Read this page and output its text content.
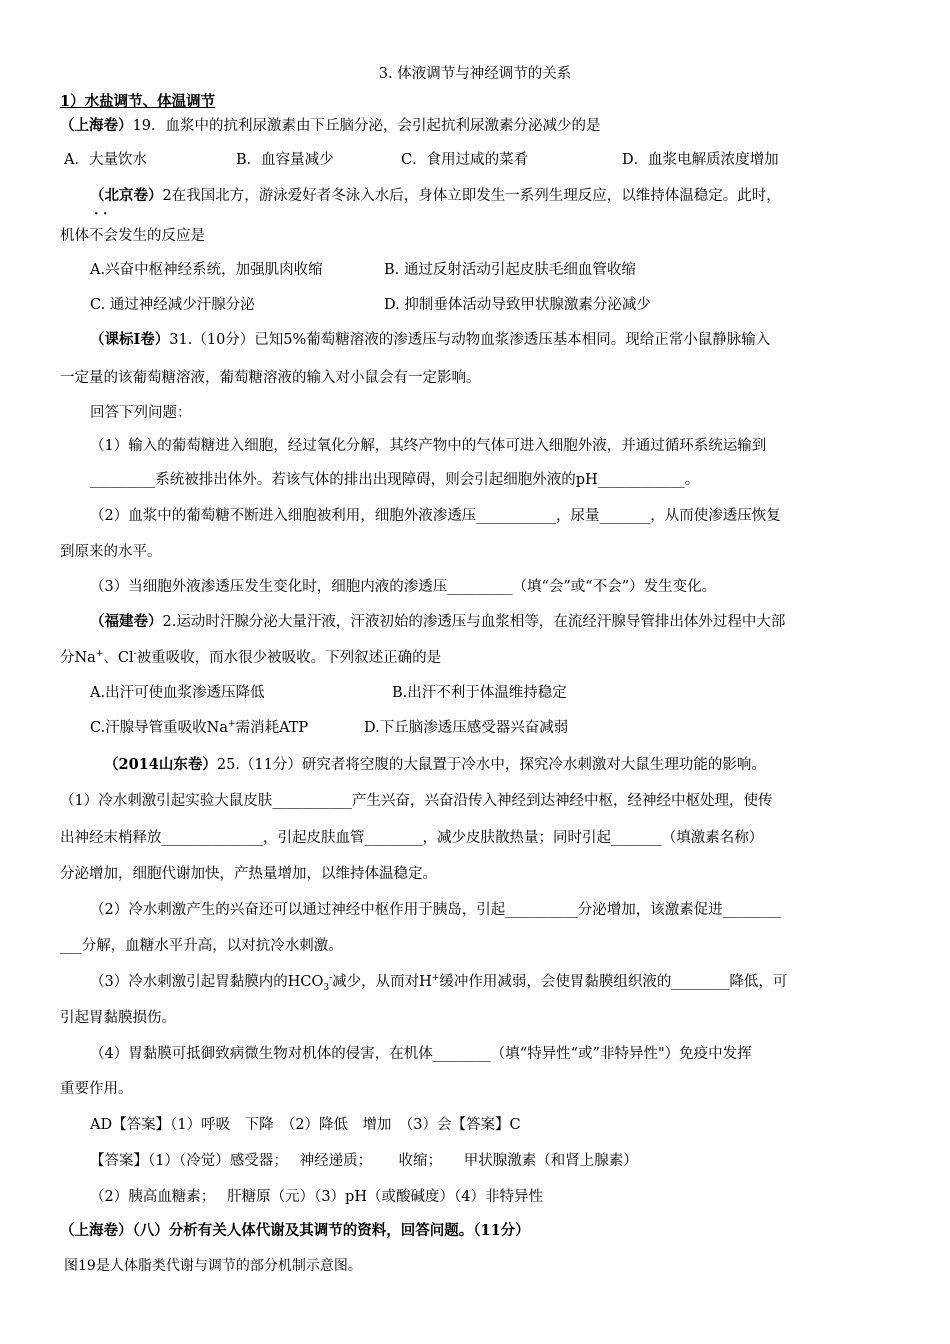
3. 体液调节与神经调节的关系
1）水盐调节、体温调节
（上海卷）19．血浆中的抗利尿激素由下丘脑分泌，会引起抗利尿激素分泌减少的是
A．大量饮水	B．血容量减少	C．食用过咸的菜肴	D．血浆电解质浓度增加
（北京卷）2在我国北方，游泳爱好者冬泳入水后，身体立即发生一系列生理反应，以维持体温稳定。此时，
· ·
机体不会发生的反应是
A.兴奋中枢神经系统，加强肌肉收缩	B. 通过反射活动引起皮肤毛细血管收缩
C. 通过神经减少汗腺分泌	D. 抑制垂体活动导致甲状腺激素分泌减少
（课标Ⅰ卷）31.（10分）已知5%葡萄糖溶液的渗透压与动物血浆渗透压基本相同。现给正常小鼠静脉输入
一定量的该葡萄糖溶液，葡萄糖溶液的输入对小鼠会有一定影响。
回答下列问题：
（1）输入的葡萄糖进入细胞，经过氧化分解，其终产物中的气体可进入细胞外液，并通过循环系统运输到
_________系统被排出体外。若该气体的排出出现障碍，则会引起细胞外液的pH____________。
（2）血浆中的葡萄糖不断进入细胞被利用，细胞外液渗透压___________，尿量_______，从而使渗透压恢复
到原来的水平。
（3）当细胞外液渗透压发生变化时，细胞内液的渗透压_________（填“会”或“不会”）发生变化。
（福建卷）2.运动时汗腺分泌大量汗液，汗液初始的渗透压与血浆相等，在流经汗腺导管排出体外过程中大部
分Na+、Cl-被重吸收，而水很少被吸收。下列叙述正确的是
A.出汗可使血浆渗透压降低	B.出汗不利于体温维持稳定
C.汗腺导管重吸收Na+需消耗ATP	D.下丘脑渗透压感受器兴奋减弱
（2014山东卷）25.（11分）研究者将空腹的大鼠置于冷水中，探究冷水刺激对大鼠生理功能的影响。
（1）冷水刺激引起实验大鼠皮肤___________产生兴奋，兴奋沿传入神经到达神经中枢，经神经中枢处理，使传
出神经末梢释放______________，引起皮肤血管________，减少皮肤散热量；同时引起_______（填激素名称）
分泌增加，细胞代谢加快，产热量增加，以维持体温稳定。
（2）冷水刺激产生的兴奋还可以通过神经中枢作用于胰岛，引起__________分泌增加，该激素促进________
___分解，血糖水平升高，以对抗冷水刺激。
（3）冷水刺激引起胃黏膜内的$HCO_3^-$减少，从而对H+缓冲作用减弱，会使胃黏膜组织液的________降低，可
引起胃黏膜损伤。
（4）胃黏膜可抵御致病微生物对机体的侵害，在机体________（填“特异性“或”非特异性"）免疫中发挥
重要作用。
AD【答案】（1）呼吸　下降　（2）降低　增加　（3）会【答案】C
【答案】（1）（冷觉）感受器；　 神经递质；　　 收缩；　　甲状腺激素（和肾上腺素）
（2）胰高血糖素；　 肝糖原（元）（3）pH（或酸碱度）（4）非特异性
（上海卷）（八）分析有关人体代谢及其调节的资料，回答问题。（11分）
图19是人体脂类代谢与调节的部分机制示意图。
